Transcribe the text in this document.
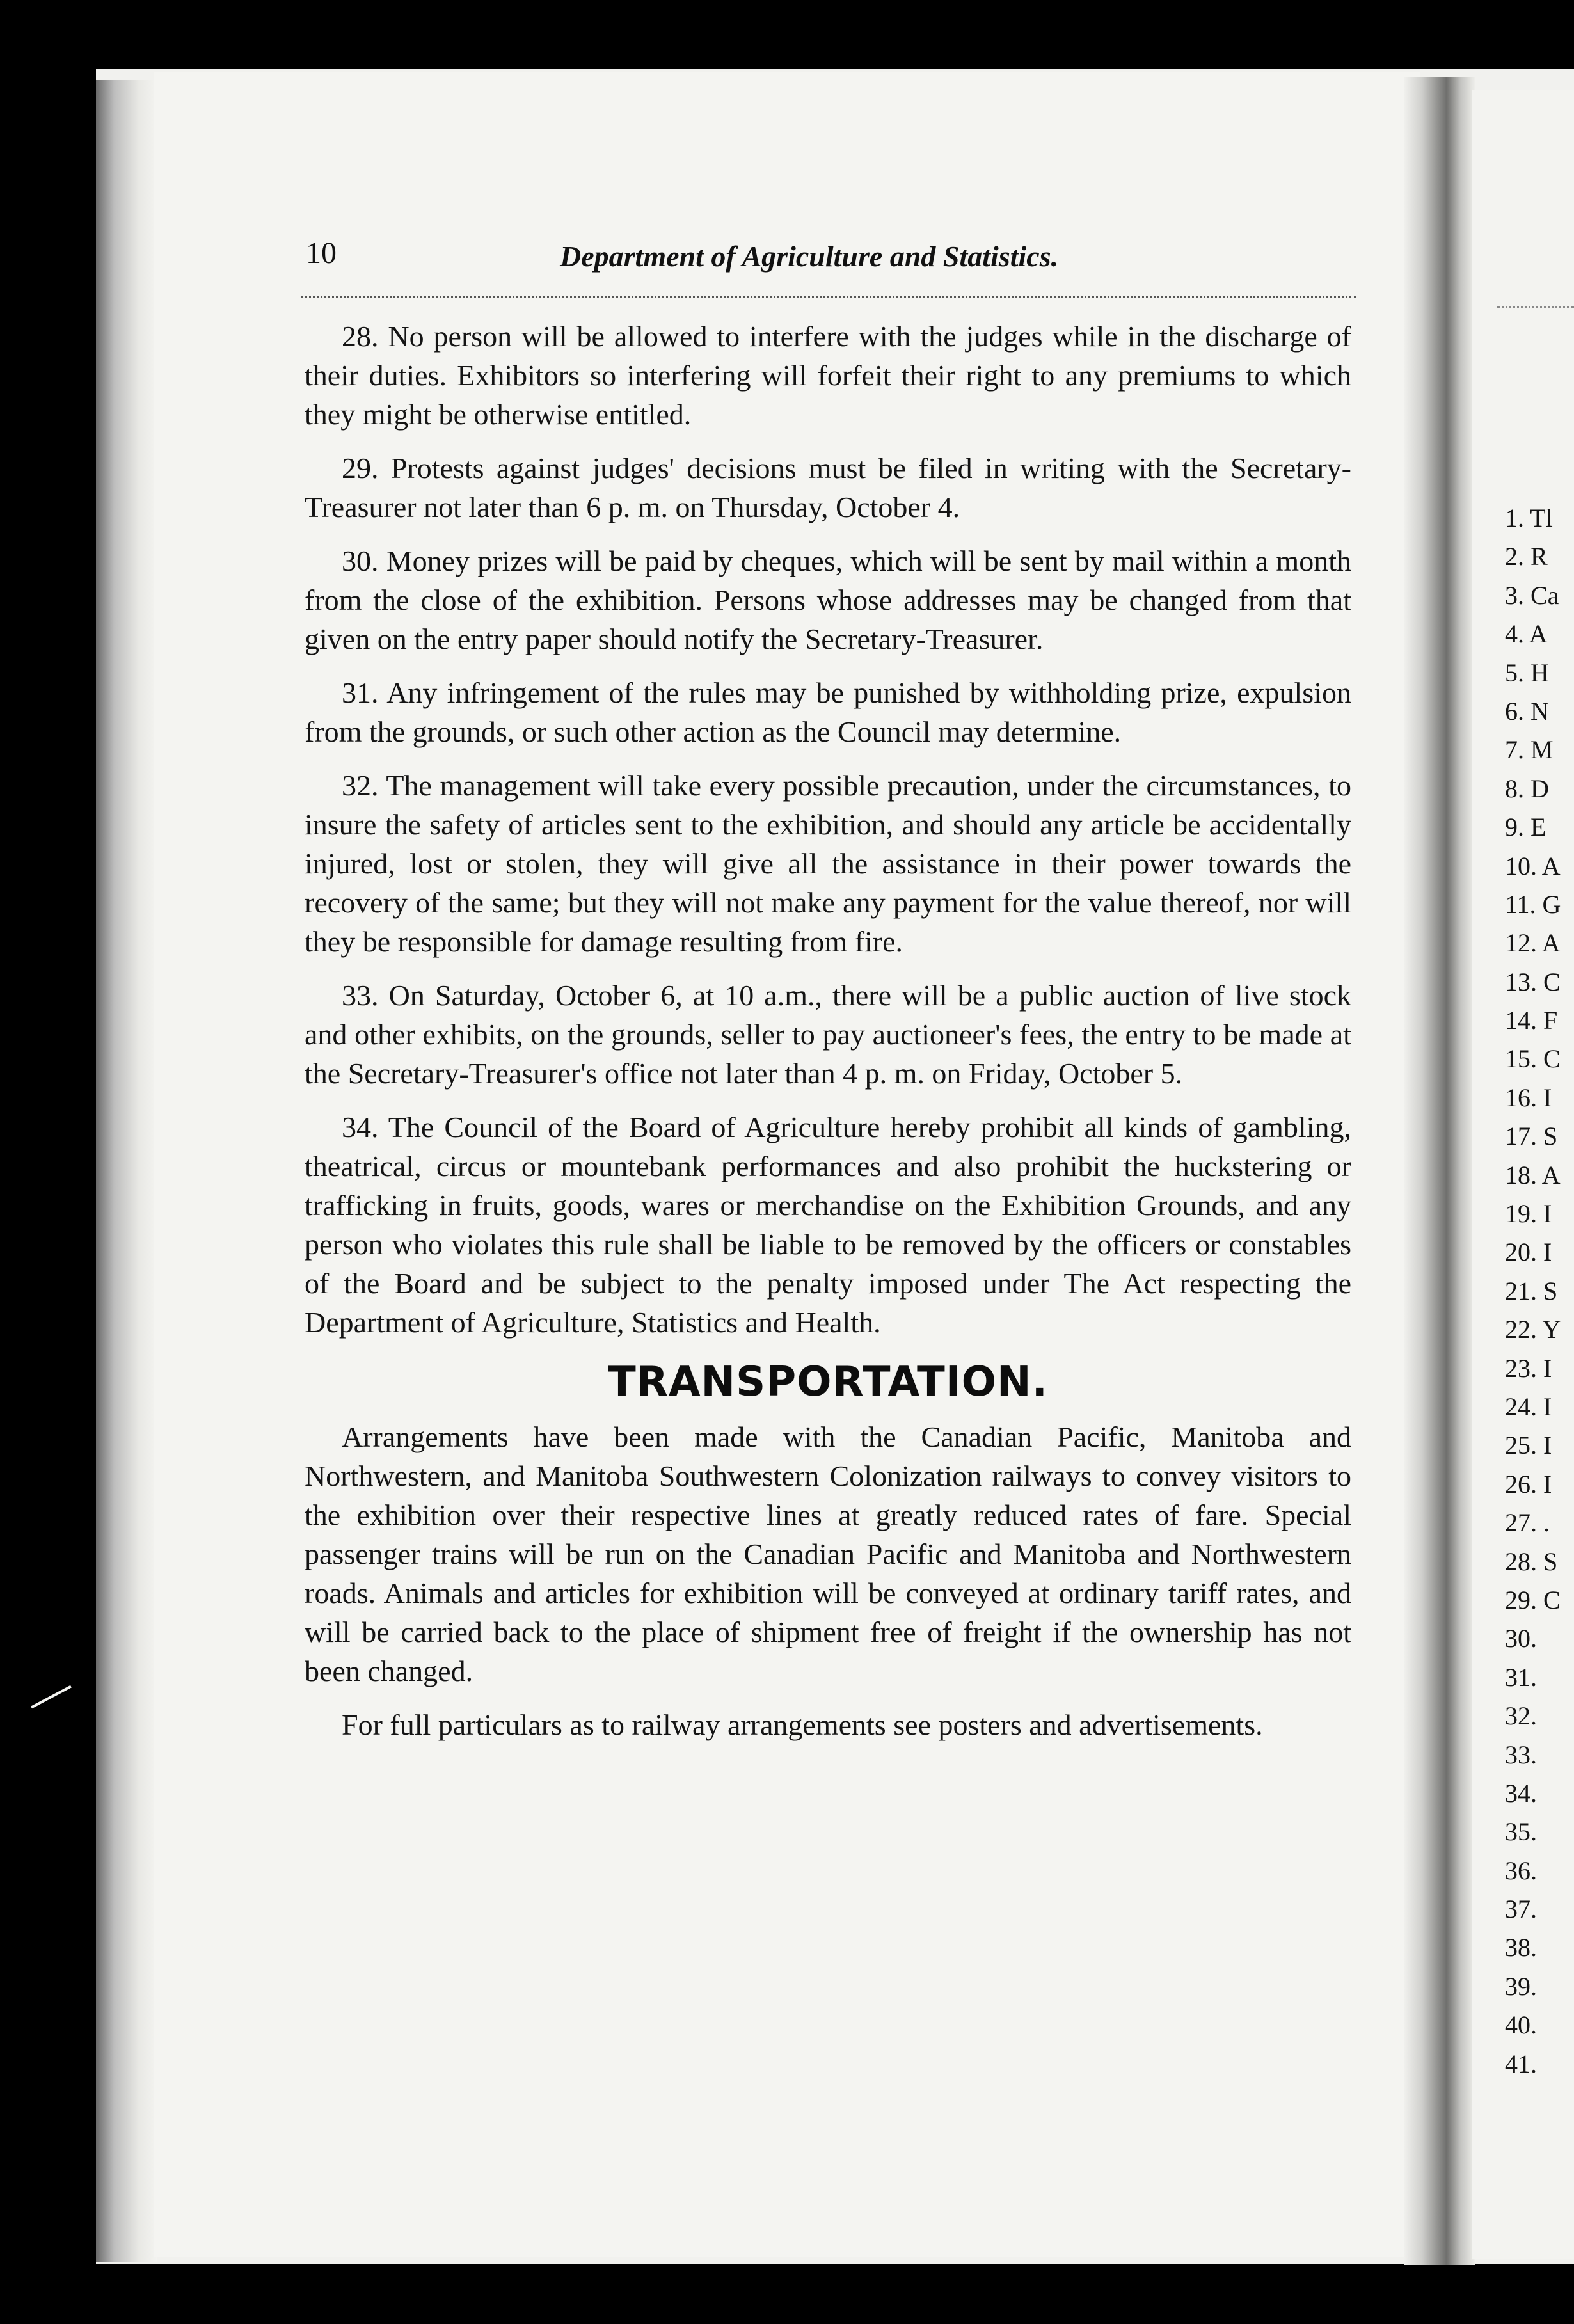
10	Department of Agriculture and Statistics.

28. No person will be allowed to interfere with the judges while in the discharge of their duties. Exhibitors so interfering will forfeit their right to any premiums to which they might be otherwise entitled.

29. Protests against judges' decisions must be filed in writing with the Secretary-Treasurer not later than 6 p. m. on Thursday, October 4.

30. Money prizes will be paid by cheques, which will be sent by mail within a month from the close of the exhibition. Persons whose addresses may be changed from that given on the entry paper should notify the Secretary-Treasurer.

31. Any infringement of the rules may be punished by withholding prize, expulsion from the grounds, or such other action as the Council may determine.

32. The management will take every possible precaution, under the circumstances, to insure the safety of articles sent to the exhibition, and should any article be accidentally injured, lost or stolen, they will give all the assistance in their power towards the recovery of the same; but they will not make any payment for the value thereof, nor will they be responsible for damage resulting from fire.

33. On Saturday, October 6, at 10 a.m., there will be a public auction of live stock and other exhibits, on the grounds, seller to pay auctioneer's fees, the entry to be made at the Secretary-Treasurer's office not later than 4 p. m. on Friday, October 5.

34. The Council of the Board of Agriculture hereby prohibit all kinds of gambling, theatrical, circus or mountebank performances and also prohibit the huckstering or trafficking in fruits, goods, wares or merchandise on the Exhibition Grounds, and any person who violates this rule shall be liable to be removed by the officers or constables of the Board and be subject to the penalty imposed under The Act respecting the Department of Agriculture, Statistics and Health.

TRANSPORTATION.

Arrangements have been made with the Canadian Pacific, Manitoba and Northwestern, and Manitoba Southwestern Colonization railways to convey visitors to the exhibition over their respective lines at greatly reduced rates of fare. Special passenger trains will be run on the Canadian Pacific and Manitoba and Northwestern roads. Animals and articles for exhibition will be conveyed at ordinary tariff rates, and will be carried back to the place of shipment free of freight if the ownership has not been changed.

For full particulars as to railway arrangements see posters and advertisements.

1. Tl
2. R
3. Ca
4. A
5. H
6. N
7. M
8. D
9. E
10. A
11. G
12. A
13. C
14. F
15. C
16. I
17. S
18. A
19. I
20. I
21. S
22. Y
23. I
24. I
25. I
26. I
27. .
28. S
29. C
30.
31.
32.
33.
34.
35.
36.
37.
38.
39.
40.
41.
